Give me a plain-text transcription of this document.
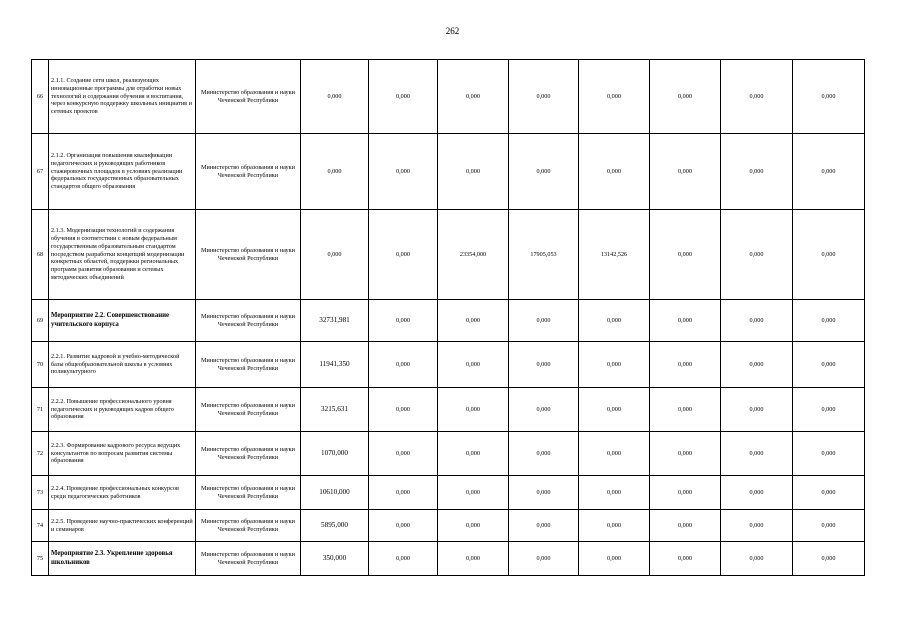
262
66	2.1.1. Создание сети школ, реализующих инновационные программы для отработки новых технологий и содержания обучения и воспитания, через конкурсную поддержку школьных инициатив и сетевых проектов	Министерство образования и науки Чеченской Республики	0,000	0,000	0,000	0,000	0,000	0,000	0,000	0,000
67	2.1.2. Организация повышения квалификации педагогических и руководящих работников стажировочных площадок в условиях реализации федеральных государственных образовательных стандартов общего образования	Министерство образования и науки Чеченской Республики	0,000	0,000	0,000	0,000	0,000	0,000	0,000	0,000
68	2.1.3. Модернизация технологий и содержания обучения в соответствии с новым федеральным государственным образовательным стандартом посредством разработки концепций модернизации конкретных областей, поддержки региональных программ развития образования и сетевых методических объединений	Министерство образования и науки Чеченской Республики	0,000	0,000	23354,000	17905,053	13142,526	0,000	0,000	0,000
69	Мероприятие 2.2. Совершенствование учительского корпуса	Министерство образования и науки Чеченской Республики	32731,981	0,000	0,000	0,000	0,000	0,000	0,000	0,000
70	2.2.1. Развитие кадровой и учебно-методической базы общеобразовательной школы в условиях поликультурного	Министерство образования и науки Чеченской Республики	11941,350	0,000	0,000	0,000	0,000	0,000	0,000	0,000
71	2.2.2. Повышение профессионального уровня педагогических и руководящих кадров общего образования	Министерство образования и науки Чеченской Республики	3215,631	0,000	0,000	0,000	0,000	0,000	0,000	0,000
72	2.2.3. Формирование кадрового ресурса ведущих консультантов по вопросам развития системы образования	Министерство образования и науки Чеченской Республики	1070,000	0,000	0,000	0,000	0,000	0,000	0,000	0,000
73	2.2.4. Проведение профессиональных конкурсов среди педагогических работников	Министерство образования и науки Чеченской Республики	10610,000	0,000	0,000	0,000	0,000	0,000	0,000	0,000
74	2.2.5. Проведение научно-практических конференций и семинаров	Министерство образования и науки Чеченской Республики	5895,000	0,000	0,000	0,000	0,000	0,000	0,000	0,000
75	Мероприятие 2.3. Укрепление здоровья школьников	Министерство образования и науки Чеченской Республики	350,000	0,000	0,000	0,000	0,000	0,000	0,000	0,000
